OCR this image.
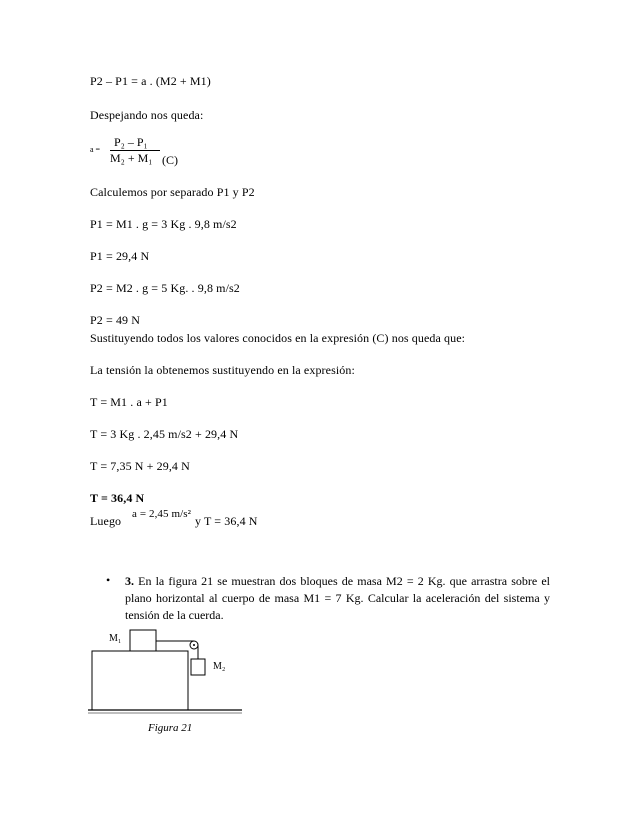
P2 – P1 = a . (M2 + M1)
Despejando nos queda:
a =
P₂ – P₁
M₂ + M₁ (C)
Calculemos por separado P1 y P2
P1 = M1 . g = 3 Kg . 9,8 m/s2
P1 = 29,4 N
P2 = M2 . g = 5 Kg. . 9,8 m/s2
P2 = 49 N
Sustituyendo todos los valores conocidos en la expresión (C) nos queda que:
La tensión la obtenemos sustituyendo en la expresión:
T = M1 . a + P1
T = 3 Kg . 2,45 m/s2 + 29,4 N
T = 7,35 N + 29,4 N
T = 36,4 N
Luego a = 2,45 m/s² y T = 36,4 N
• 3. En la figura 21 se muestran dos bloques de masa M2 = 2 Kg. que arrastra sobre el plano horizontal al cuerpo de masa M1 = 7 Kg. Calcular la aceleración del sistema y tensión de la cuerda.
M₁
M₂
Figura 21
